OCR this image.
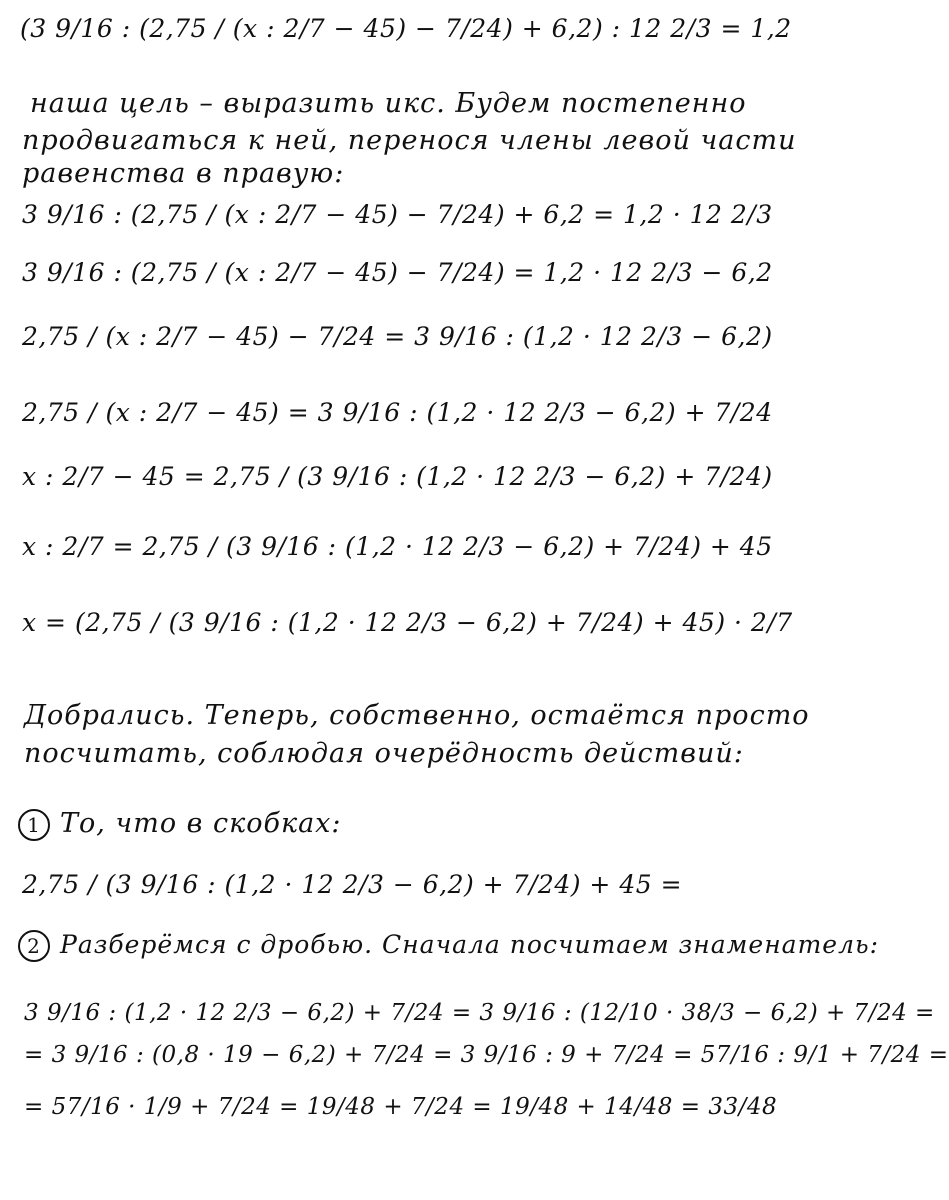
(3 9/16 : (2,75 / (x : 2/7 − 45) − 7/24) + 6,2) : 12 2/3 = 1,2
наша цель – выразить икс. Будем постепенно
продвигаться к ней, перенося члены левой части
равенства в правую:
3 9/16 : (2,75 / (x : 2/7 − 45) − 7/24) + 6,2 = 1,2 · 12 2/3
3 9/16 : (2,75 / (x : 2/7 − 45) − 7/24) = 1,2 · 12 2/3 − 6,2
2,75 / (x : 2/7 − 45) − 7/24 = 3 9/16 : (1,2 · 12 2/3 − 6,2)
2,75 / (x : 2/7 − 45) = 3 9/16 : (1,2 · 12 2/3 − 6,2) + 7/24
x : 2/7 − 45 = 2,75 / (3 9/16 : (1,2 · 12 2/3 − 6,2) + 7/24)
x : 2/7 = 2,75 / (3 9/16 : (1,2 · 12 2/3 − 6,2) + 7/24) + 45
x = (2,75 / (3 9/16 : (1,2 · 12 2/3 − 6,2) + 7/24) + 45) · 2/7
Добрались. Теперь, собственно, остаётся просто
посчитать, соблюдая очерёдность действий:
1 То, что в скобках:
2,75 / (3 9/16 : (1,2 · 12 2/3 − 6,2) + 7/24) + 45 =
2 Разберёмся с дробью. Сначала посчитаем знаменатель:
3 9/16 : (1,2 · 12 2/3 − 6,2) + 7/24 = 3 9/16 : (12/10 · 38/3 − 6,2) + 7/24 =
= 3 9/16 : (0,8 · 19 − 6,2) + 7/24 = 3 9/16 : 9 + 7/24 = 57/16 : 9/1 + 7/24 =
= 57/16 · 1/9 + 7/24 = 19/48 + 7/24 = 19/48 + 14/48 = 33/48
